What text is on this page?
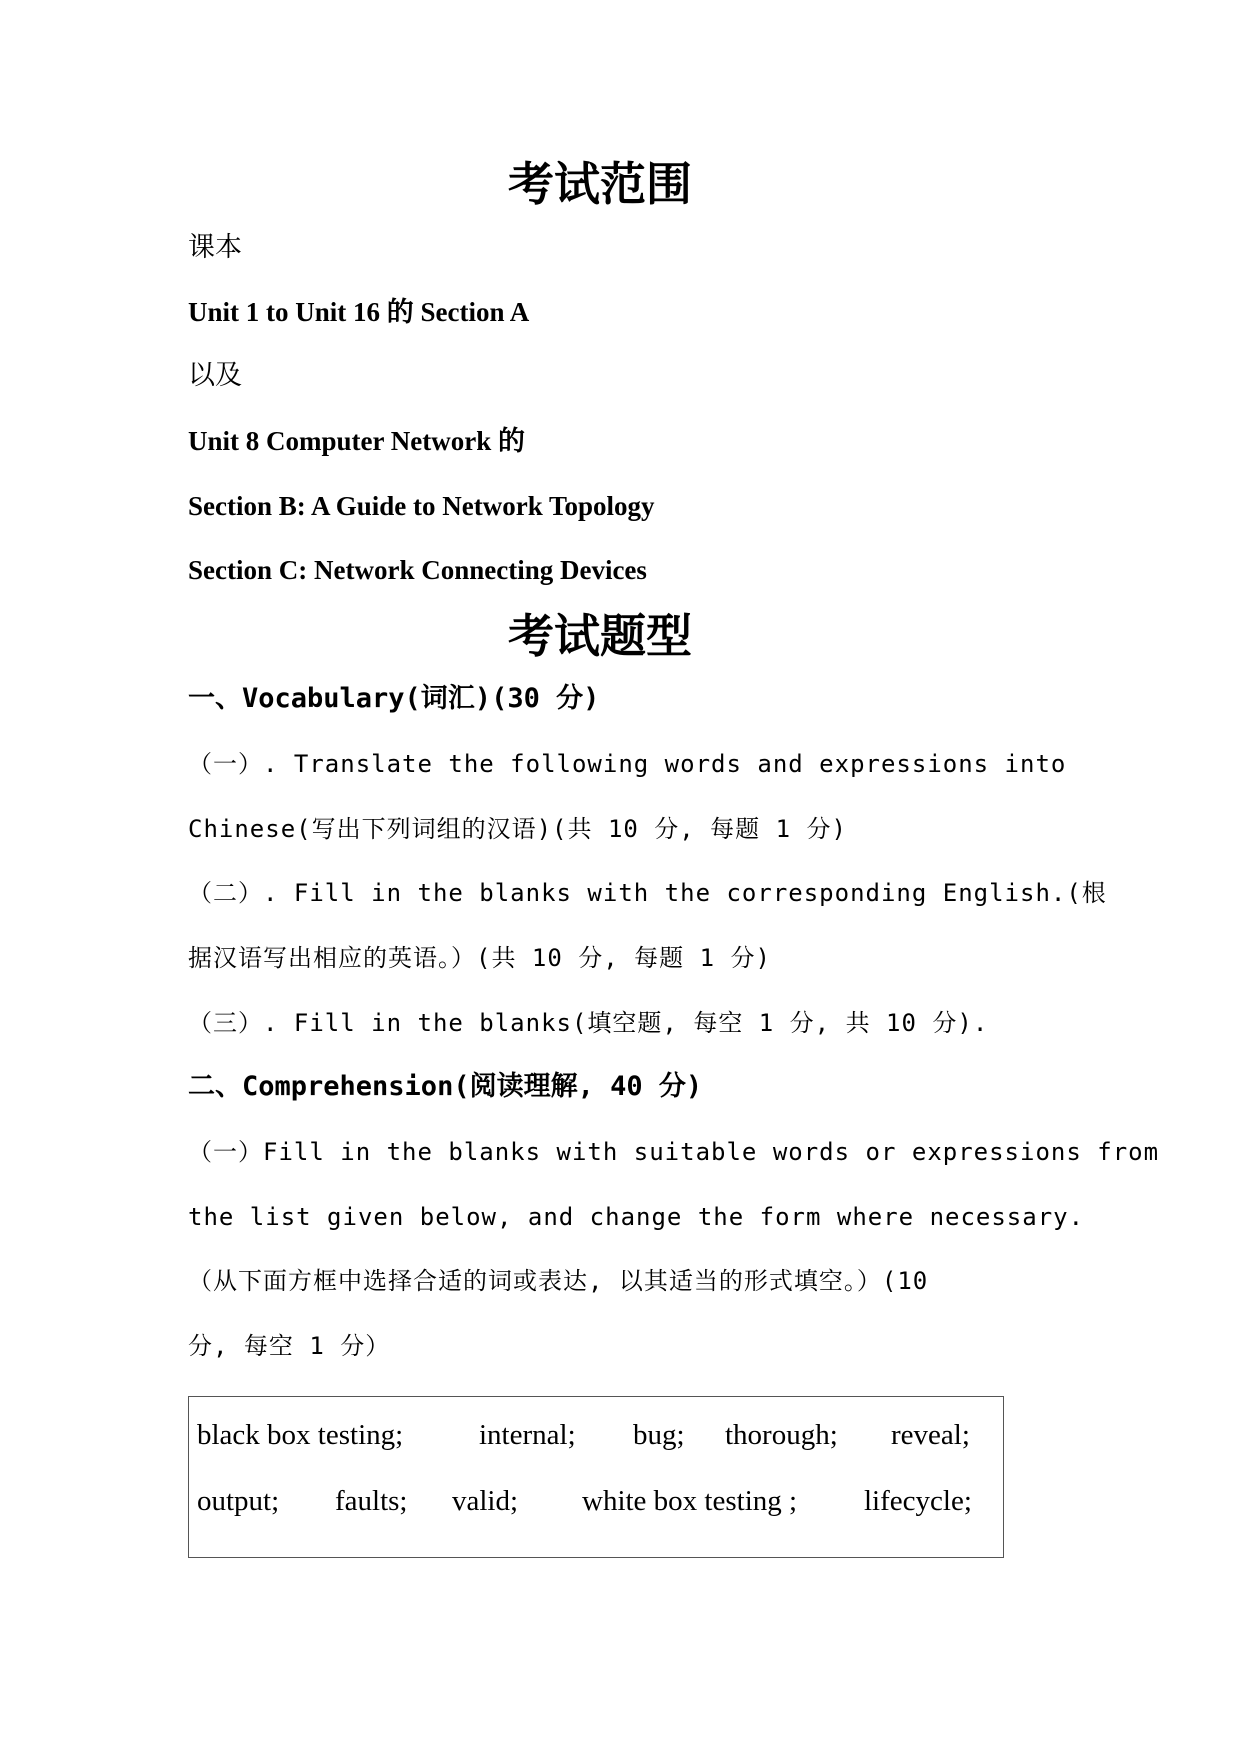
考试范围
课本
Unit 1 to Unit 16 的 Section A
以及
Unit 8 Computer Network 的
Section B: A Guide to Network Topology
Section C: Network Connecting Devices
考试题型
一、Vocabulary(词汇)(30 分)
（一）. Translate the following words and expressions into
Chinese(写出下列词组的汉语)(共 10 分, 每题 1 分)
（二）. Fill in the blanks with the corresponding English.(根
据汉语写出相应的英语。）(共 10 分, 每题 1 分)
（三）. Fill in the blanks(填空题, 每空 1 分, 共 10 分).
二、Comprehension(阅读理解, 40 分)
（一）Fill in the blanks with suitable words or expressions from
the list given below, and change the form where necessary.
（从下面方框中选择合适的词或表达, 以其适当的形式填空。）(10
分, 每空 1 分）
black box testing;	internal; bug; thorough; reveal;
output; faults; valid; white box testing ; lifecycle;
